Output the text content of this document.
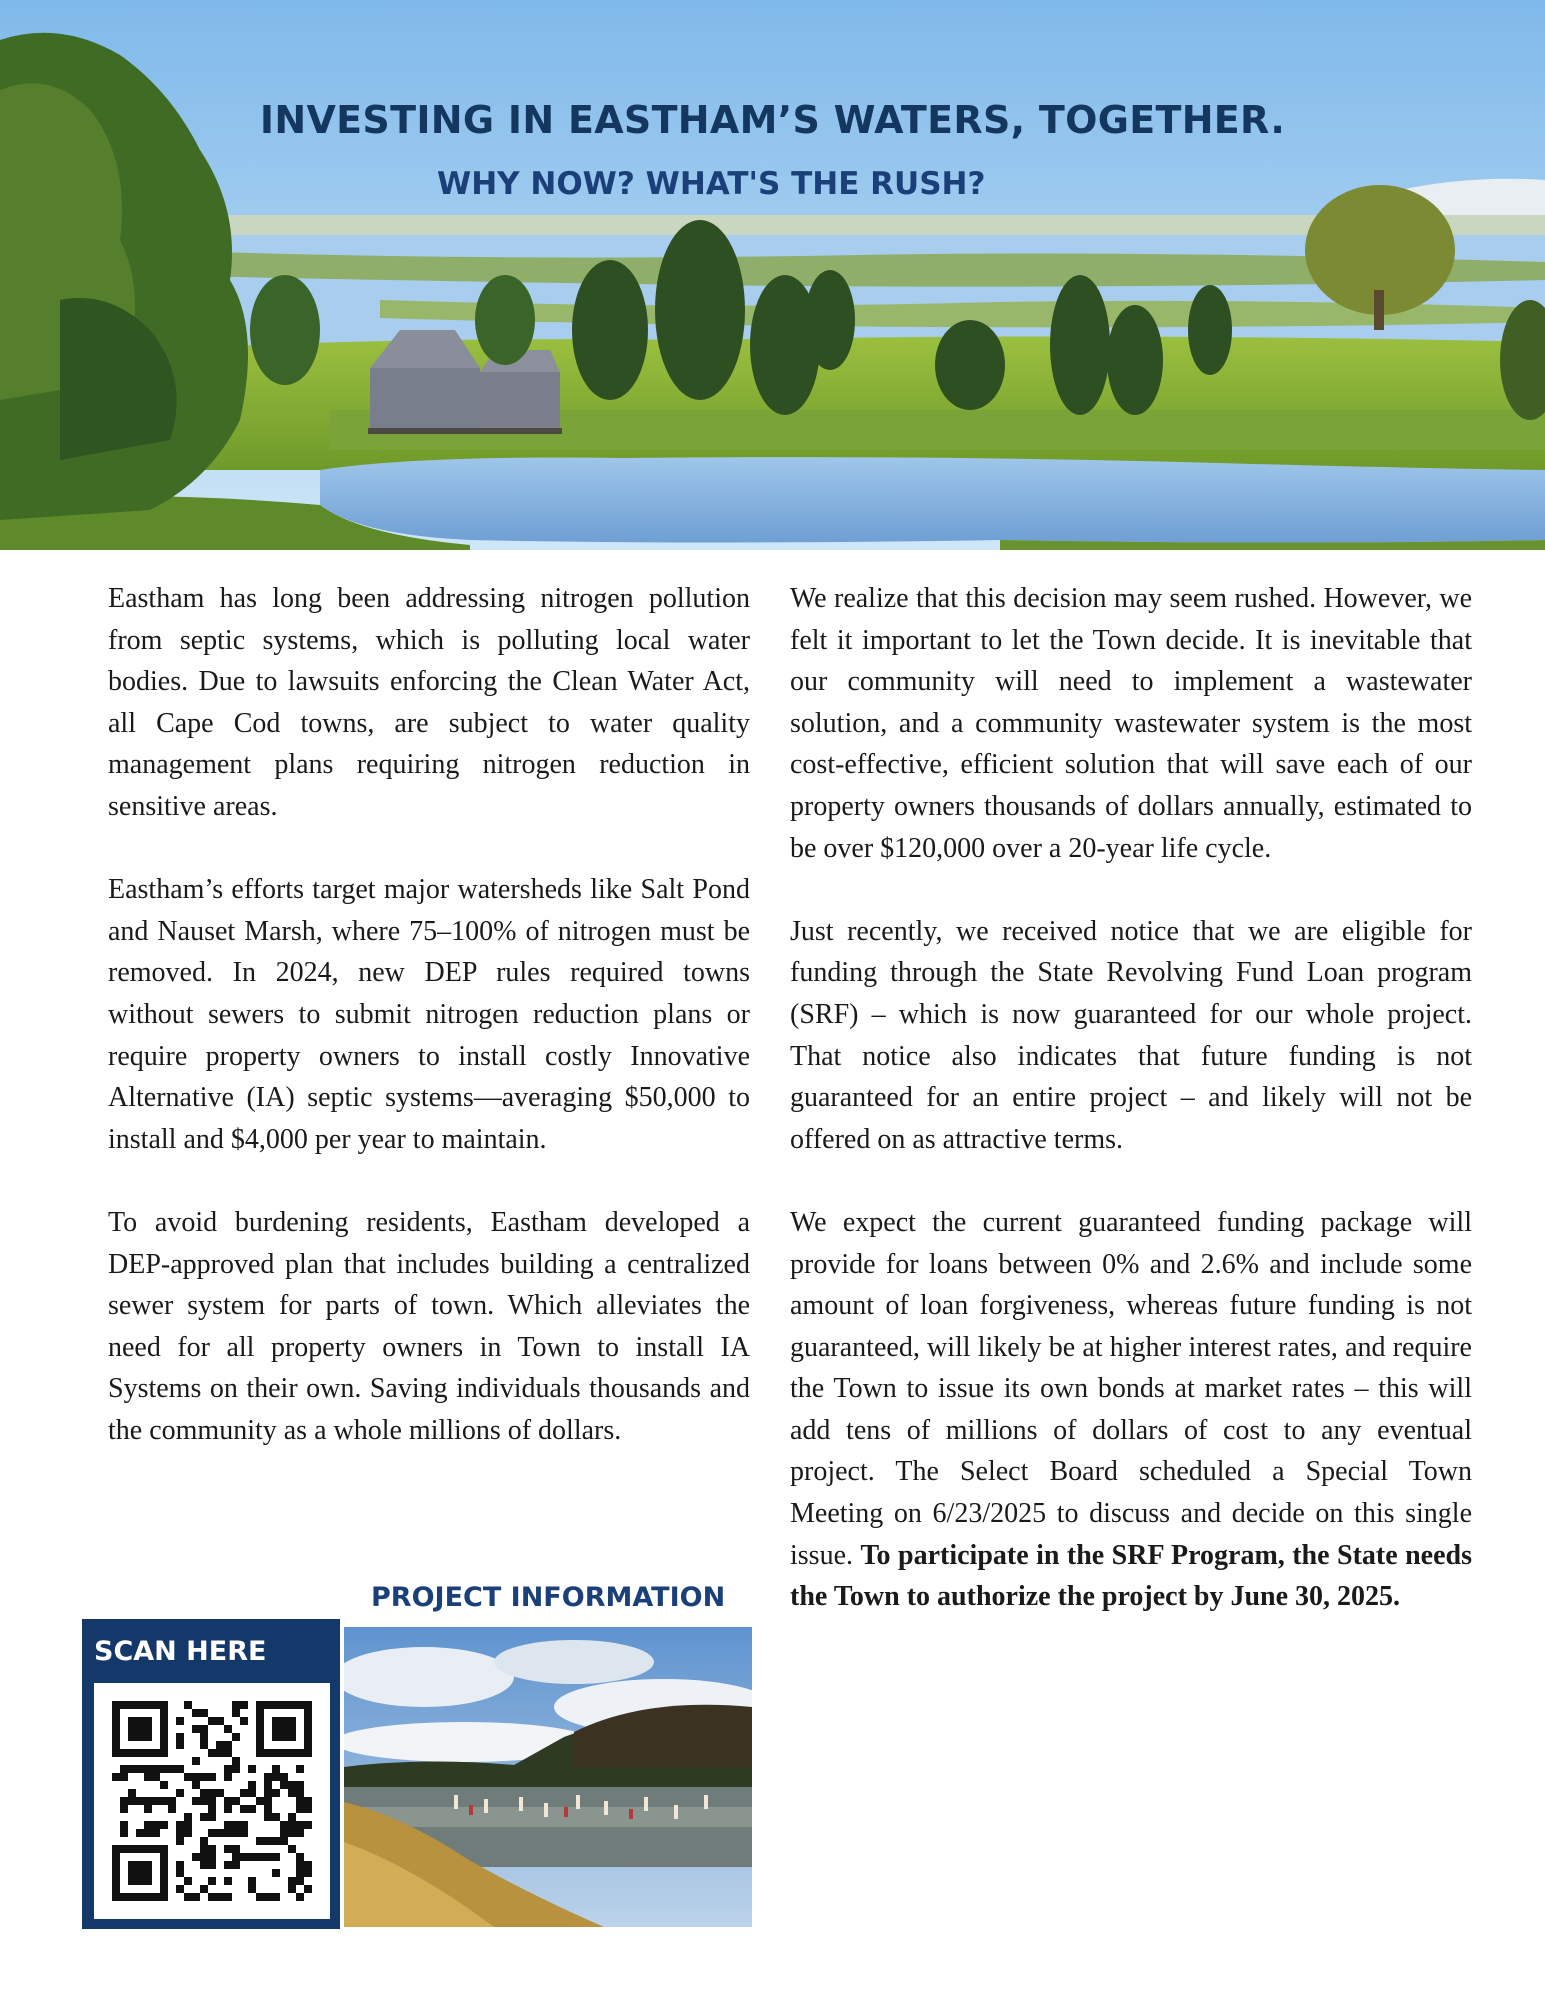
INVESTING IN EASTHAM’S WATERS, TOGETHER.
WHY NOW? WHAT'S THE RUSH?

Eastham has long been addressing nitrogen pollution from septic systems, which is polluting local water bodies. Due to lawsuits enforcing the Clean Water Act, all Cape Cod towns, are subject to water quality management plans requiring nitrogen reduction in sensitive areas.

Eastham’s efforts target major watersheds like Salt Pond and Nauset Marsh, where 75–100% of nitrogen must be removed. In 2024, new DEP rules required towns without sewers to submit nitrogen reduction plans or require property owners to install costly Innovative Alternative (IA) septic systems—averaging $50,000 to install and $4,000 per year to maintain.

To avoid burdening residents, Eastham developed a DEP-approved plan that includes building a centralized sewer system for parts of town. Which alleviates the need for all property owners in Town to install IA Systems on their own. Saving individuals thousands and the community as a whole millions of dollars.

We realize that this decision may seem rushed. However, we felt it important to let the Town decide. It is inevitable that our community will need to implement a wastewater solution, and a community wastewater system is the most cost-effective, efficient solution that will save each of our property owners thousands of dollars annually, estimated to be over $120,000 over a 20-year life cycle.

Just recently, we received notice that we are eligible for funding through the State Revolving Fund Loan program (SRF) – which is now guaranteed for our whole project. That notice also indicates that future funding is not guaranteed for an entire project – and likely will not be offered on as attractive terms.

We expect the current guaranteed funding package will provide for loans between 0% and 2.6% and include some amount of loan forgiveness, whereas future funding is not guaranteed, will likely be at higher interest rates, and require the Town to issue its own bonds at market rates – this will add tens of millions of dollars of cost to any eventual project. The Select Board scheduled a Special Town Meeting on 6/23/2025 to discuss and decide on this single issue. To participate in the SRF Program, the State needs the Town to authorize the project by June 30, 2025.

PROJECT INFORMATION
SCAN HERE
